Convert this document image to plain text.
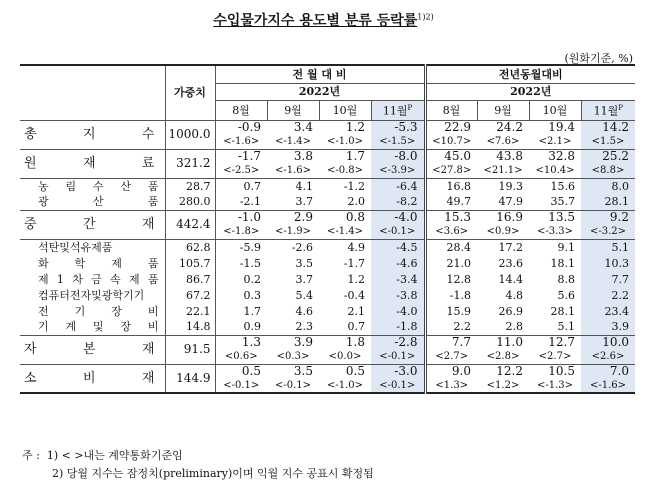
수입물가지수 용도별 분류 등락률$^{1)2)}$
(원화기준, %)
	가중치	전 월 대 비				전년동월대비			
		2022년				2022년			
		8월	9월	10월	11월$^P$	8월	9월	10월	11월$^P$
총 지 수	1000.0	-0.9	3.4	1.2	-5.3	22.9	24.2	19.4	14.2
		<-1.6>	<-1.4>	<-1.0>	<-1.5>	<10.7>	<7.6>	<2.1>	<1.5>
원 재 료	321.2	-1.7	3.8	1.7	-8.0	45.0	43.8	32.8	25.2
		<-2.5>	<-1.6>	<-0.8>	<-3.9>	<27.8>	<21.1>	<10.4>	<8.8>
농 림 수 산 품	28.7	0.7	4.1	-1.2	-6.4	16.8	19.3	15.6	8.0
광 산 품	280.0	-2.1	3.7	2.0	-8.2	49.7	47.9	35.7	28.1
중 간 재	442.4	-1.0	2.9	0.8	-4.0	15.3	16.9	13.5	9.2
		<-1.8>	<-1.9>	<-1.4>	<-0.1>	<3.6>	<0.9>	<-3.3>	<-3.2>
석탄및석유제품	62.8	-5.9	-2.6	4.9	-4.5	28.4	17.2	9.1	5.1
화 학 제 품	105.7	-1.5	3.5	-1.7	-4.6	21.0	23.6	18.1	10.3
제 1 차 금 속 제 품	86.7	0.2	3.7	1.2	-3.4	12.8	14.4	8.8	7.7
컴퓨터전자및광학기기	67.2	0.3	5.4	-0.4	-3.8	-1.8	4.8	5.6	2.2
전 기 장 비	22.1	1.7	4.6	2.1	-4.0	15.9	26.9	28.1	23.4
기 계 및 장 비	14.8	0.9	2.3	0.7	-1.8	2.2	2.8	5.1	3.9
자 본 재	91.5	1.3	3.9	1.8	-2.8	7.7	11.0	12.7	10.0
		<0.6>	<0.3>	<0.0>	<-0.1>	<2.7>	<2.8>	<2.7>	<2.6>
소 비 재	144.9	0.5	3.5	0.5	-3.0	9.0	12.2	10.5	7.0
		<-0.1>	<-0.1>	<-1.0>	<-0.1>	<1.3>	<1.2>	<-1.3>	<-1.6>
주 : 1) < >내는 계약통화기준임
2) 당월 지수는 잠정치(preliminary)이며 익월 지수 공표시 확정됨
